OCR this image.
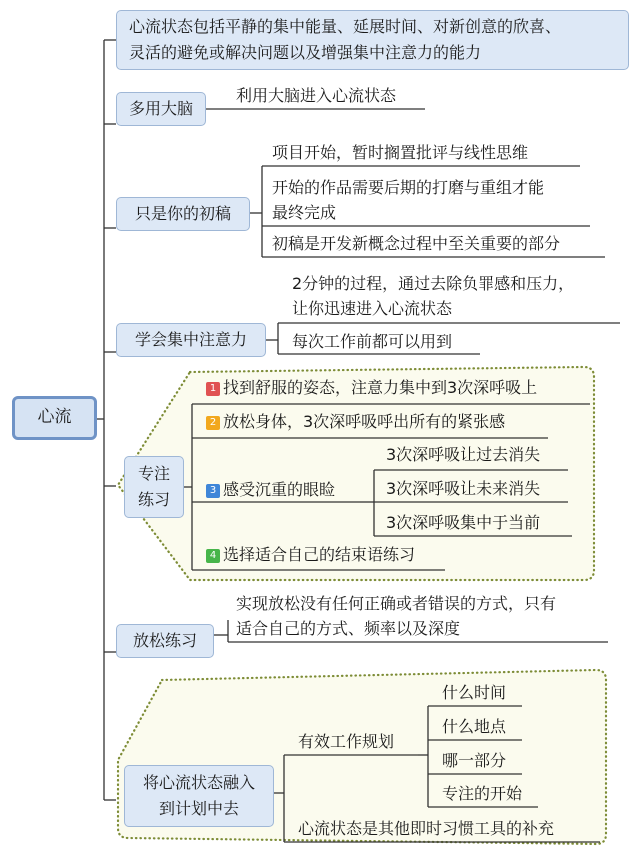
心流
心流状态包括平静的集中能量、延展时间、对新创意的欣喜、
灵活的避免或解决问题以及增强集中注意力的能力
多用大脑
利用大脑进入心流状态
只是你的初稿
项目开始，暂时搁置批评与线性思维
开始的作品需要后期的打磨与重组才能
最终完成
初稿是开发新概念过程中至关重要的部分
学会集中注意力
2分钟的过程，通过去除负罪感和压力，
让你迅速进入心流状态
每次工作前都可以用到
专注
练习
1 找到舒服的姿态，注意力集中到3次深呼吸上
2 放松身体，3次深呼吸呼出所有的紧张感
3 感受沉重的眼睑
3次深呼吸让过去消失
3次深呼吸让未来消失
3次深呼吸集中于当前
4 选择适合自己的结束语练习
放松练习
实现放松没有任何正确或者错误的方式，只有
适合自己的方式、频率以及深度
将心流状态融入
到计划中去
有效工作规划
什么时间
什么地点
哪一部分
专注的开始
心流状态是其他即时习惯工具的补充
